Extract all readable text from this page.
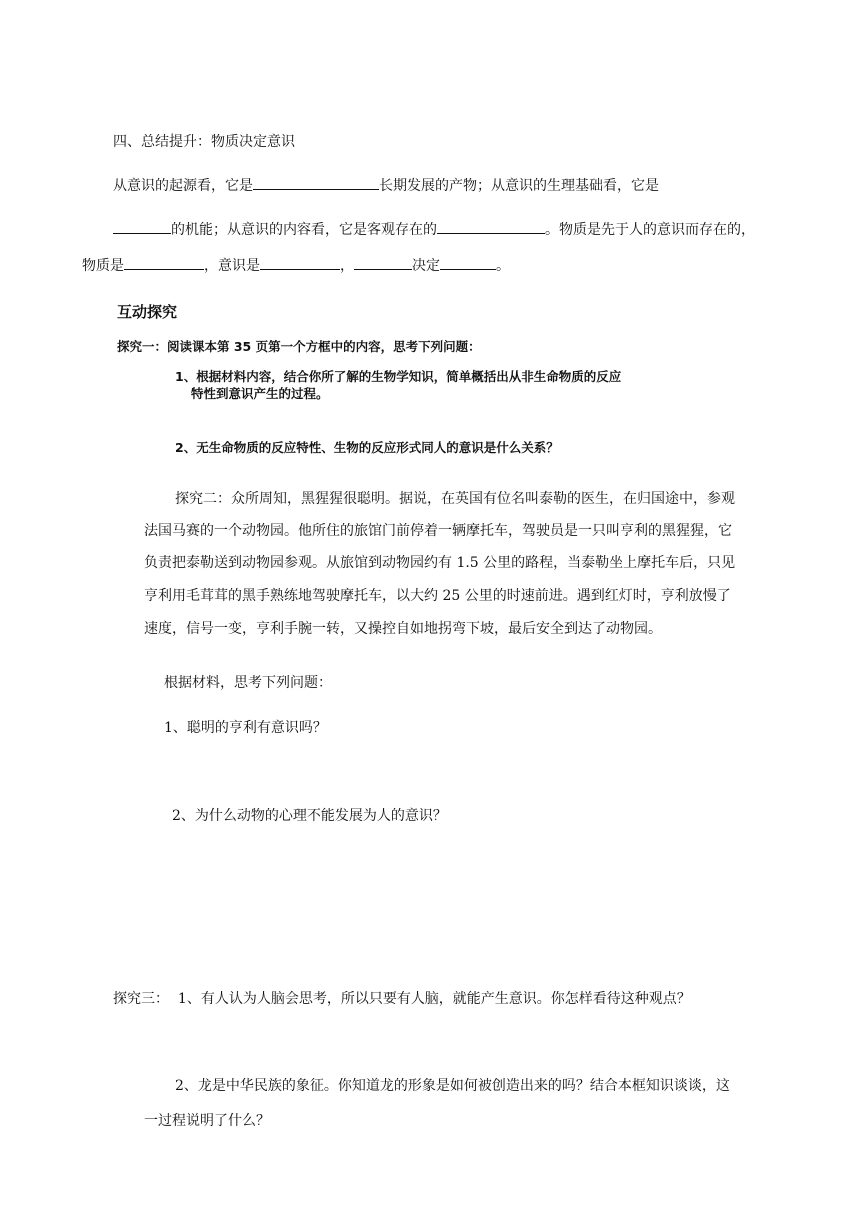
四、总结提升：物质决定意识
从意识的起源看，它是	长期发展的产物；从意识的生理基础看，它是
的机能；从意识的内容看，它是客观存在的	。物质是先于人的意识而存在的，
物质是	，意识是	，	决定	。
互动探究
探究一：阅读课本第 35 页第一个方框中的内容，思考下列问题：
1、根据材料内容，结合你所了解的生物学知识，简单概括出从非生命物质的反应
特性到意识产生的过程。
2、无生命物质的反应特性、生物的反应形式同人的意识是什么关系？
探究二：众所周知，黑猩猩很聪明。据说，在英国有位名叫泰勒的医生，在归国途中，参观
法国马赛的一个动物园。他所住的旅馆门前停着一辆摩托车，驾驶员是一只叫亨利的黑猩猩，它
负责把泰勒送到动物园参观。从旅馆到动物园约有 1.5 公里的路程，当泰勒坐上摩托车后，只见
亨利用毛茸茸的黑手熟练地驾驶摩托车，以大约 25 公里的时速前进。遇到红灯时，亨利放慢了
速度，信号一变，亨利手腕一转，又操控自如地拐弯下坡，最后安全到达了动物园。
根据材料，思考下列问题：
1、聪明的亨利有意识吗？
2、为什么动物的心理不能发展为人的意识？
探究三： 1、有人认为人脑会思考，所以只要有人脑，就能产生意识。你怎样看待这种观点？
2、龙是中华民族的象征。你知道龙的形象是如何被创造出来的吗？结合本框知识谈谈，这
一过程说明了什么？
